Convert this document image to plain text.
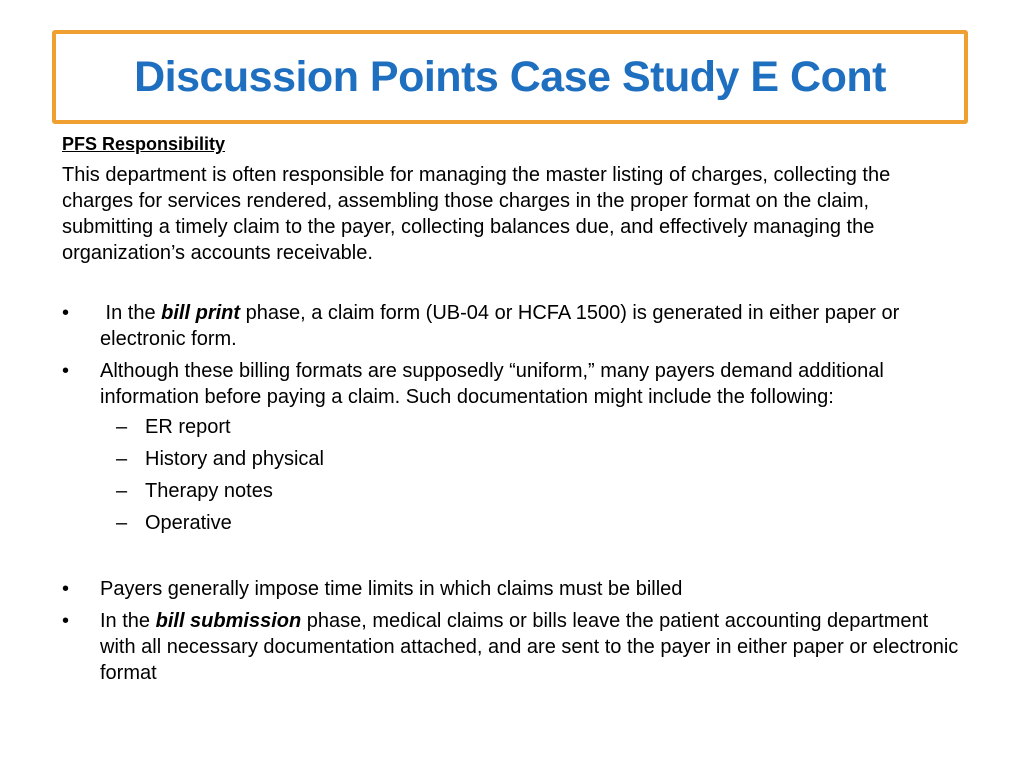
Discussion Points Case Study E Cont

PFS Responsibility

This department is often responsible for managing the master listing of charges, collecting the charges for services rendered, assembling those charges in the proper format on the claim, submitting a timely claim to the payer, collecting balances due, and effectively managing the organization’s accounts receivable.

•	In the bill print phase, a claim form (UB-04 or HCFA 1500) is generated in either paper or electronic form.
•	Although these billing formats are supposedly “uniform,” many payers demand additional information before paying a claim. Such documentation might include the following:
– ER report
– History and physical
– Therapy notes
– Operative
•	Payers generally impose time limits in which claims must be billed
•	In the bill submission phase, medical claims or bills leave the patient accounting department with all necessary documentation attached, and are sent to the payer in either paper or electronic format
